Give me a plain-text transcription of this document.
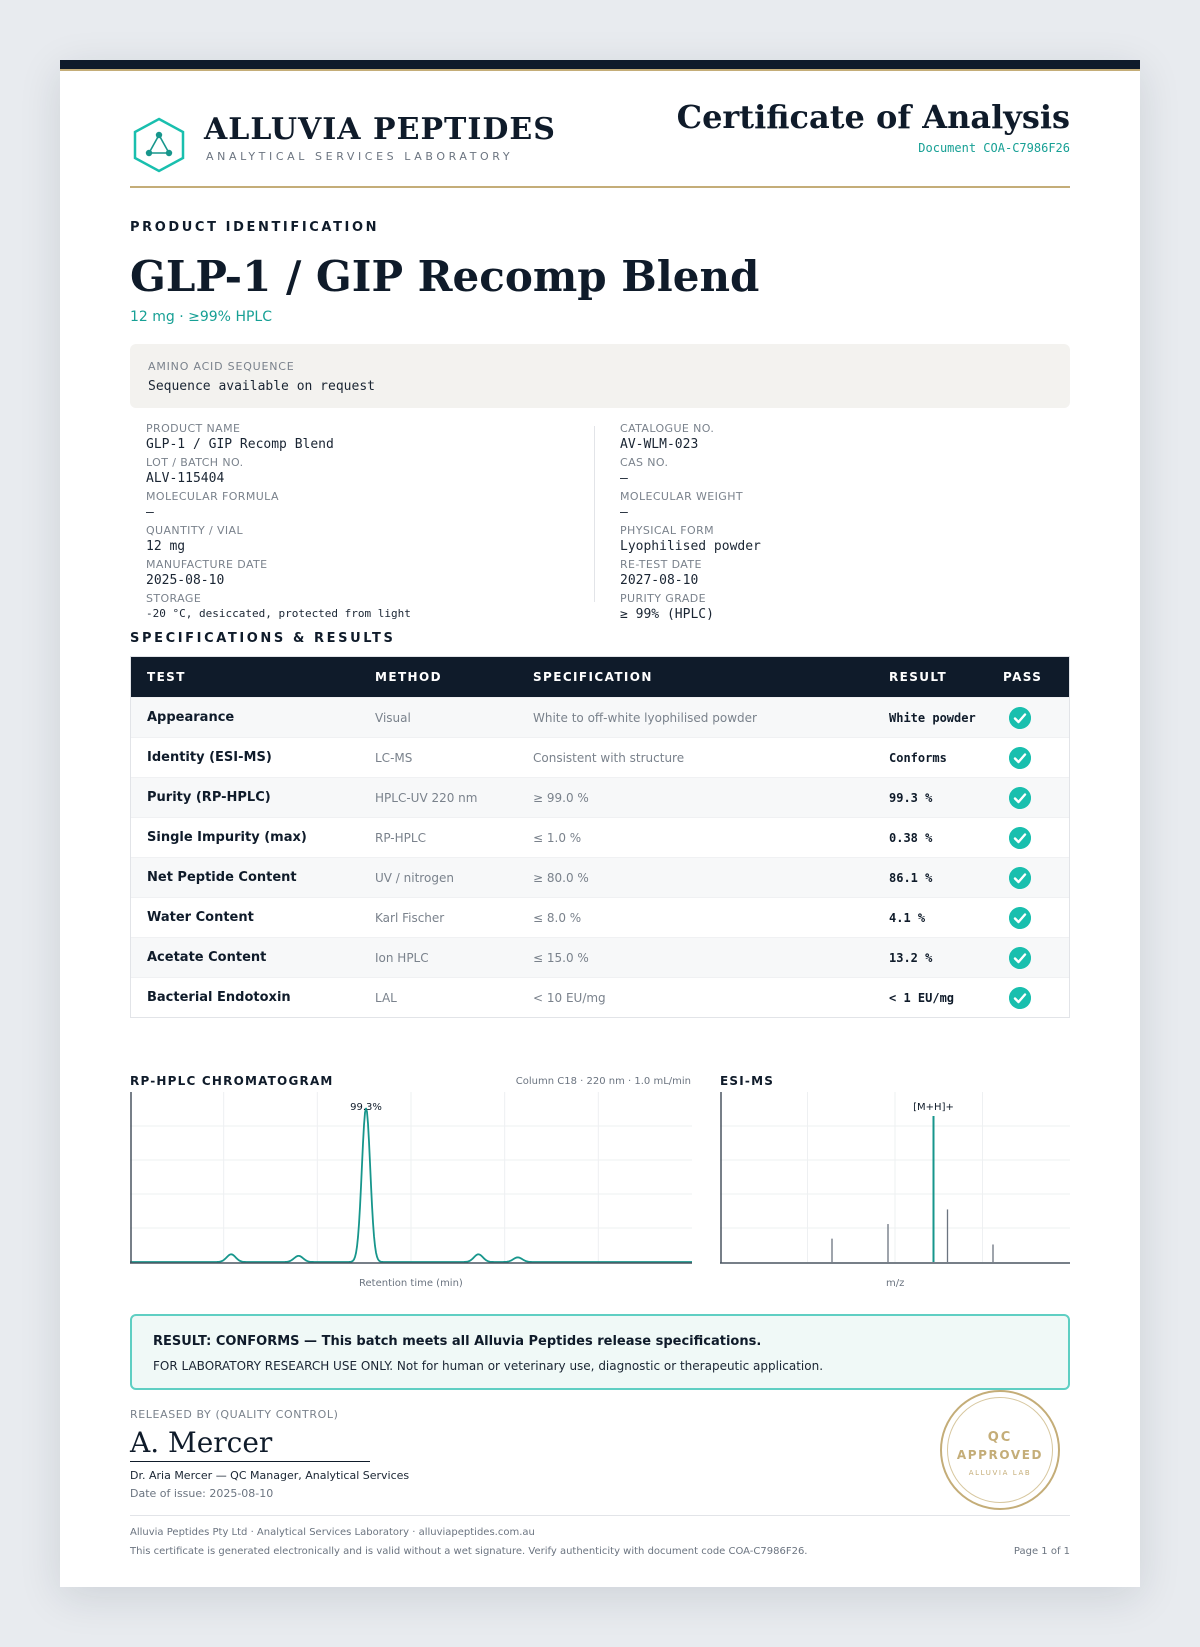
ALLUVIA PEPTIDES
ANALYTICAL SERVICES LABORATORY
Certificate of Analysis
Document COA-C7986F26
PRODUCT IDENTIFICATION
GLP-1 / GIP Recomp Blend
12 mg · ≥99% HPLC
AMINO ACID SEQUENCE
Sequence available on request
PRODUCT NAME
GLP-1 / GIP Recomp Blend
LOT / BATCH NO.
ALV-115404
MOLECULAR FORMULA
—
QUANTITY / VIAL
12 mg
MANUFACTURE DATE
2025-08-10
STORAGE
-20 °C, desiccated, protected from light
CATALOGUE NO.
AV-WLM-023
CAS NO.
—
MOLECULAR WEIGHT
—
PHYSICAL FORM
Lyophilised powder
RE-TEST DATE
2027-08-10
PURITY GRADE
≥ 99% (HPLC)
SPECIFICATIONS & RESULTS
TEST	METHOD	SPECIFICATION	RESULT	PASS
Appearance	Visual	White to off-white lyophilised powder	White powder
Identity (ESI-MS)	LC-MS	Consistent with structure	Conforms
Purity (RP-HPLC)	HPLC-UV 220 nm	≥ 99.0 %	99.3 %
Single Impurity (max)	RP-HPLC	≤ 1.0 %	0.38 %
Net Peptide Content	UV / nitrogen	≥ 80.0 %	86.1 %
Water Content	Karl Fischer	≤ 8.0 %	4.1 %
Acetate Content	Ion HPLC	≤ 15.0 %	13.2 %
Bacterial Endotoxin	LAL	< 10 EU/mg	< 1 EU/mg
RP-HPLC CHROMATOGRAM	Column C18 · 220 nm · 1.0 mL/min
99.3%
Retention time (min)
ESI-MS
[M+H]+
m/z
RESULT: CONFORMS — This batch meets all Alluvia Peptides release specifications.
FOR LABORATORY RESEARCH USE ONLY. Not for human or veterinary use, diagnostic or therapeutic application.
RELEASED BY (QUALITY CONTROL)
A. Mercer
Dr. Aria Mercer — QC Manager, Analytical Services
Date of issue: 2025-08-10
QC
APPROVED
ALLUVIA LAB
Alluvia Peptides Pty Ltd · Analytical Services Laboratory · alluviapeptides.com.au
This certificate is generated electronically and is valid without a wet signature. Verify authenticity with document code COA-C7986F26.	Page 1 of 1
